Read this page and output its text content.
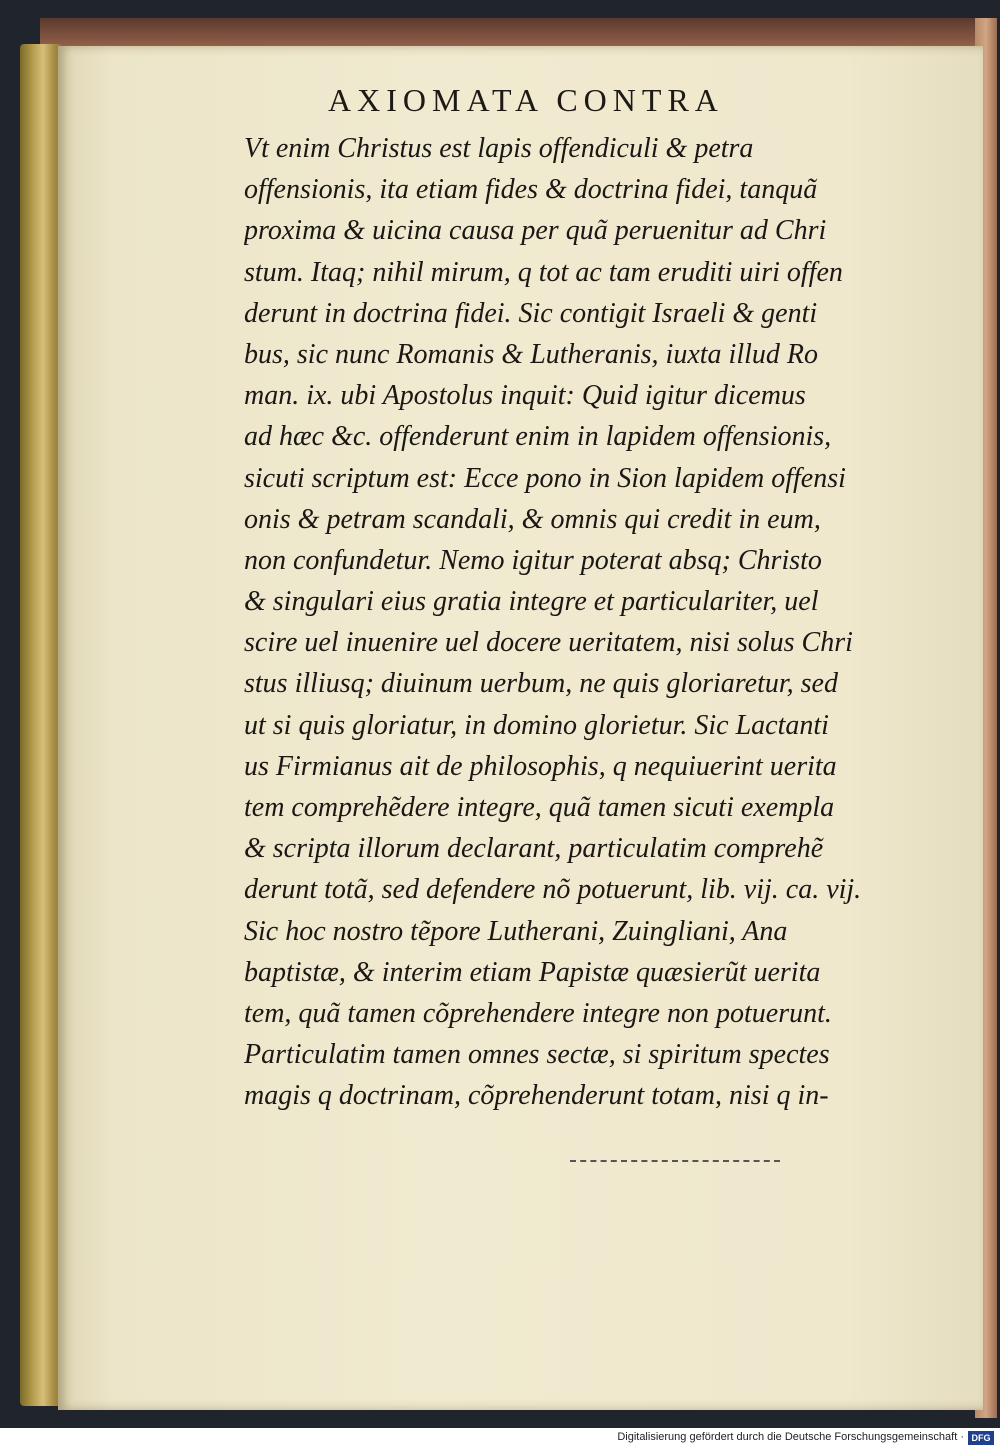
AXIOMATA CONTRA
Vt enim Christus est lapis offendiculi & petra
offensionis, ita etiam fides & doctrina fidei, tanquã
proxima & uicina causa per quã peruenitur ad Chri
stum. Itaq; nihil mirum, q tot ac tam eruditi uiri offen
derunt in doctrina fidei. Sic contigit Israeli & genti
bus, sic nunc Romanis & Lutheranis, iuxta illud Ro
man. ix. ubi Apostolus inquit: Quid igitur dicemus
ad hæc &c. offenderunt enim in lapidem offensionis,
sicuti scriptum est: Ecce pono in Sion lapidem offensi
onis & petram scandali, & omnis qui credit in eum,
non confundetur. Nemo igitur poterat absq; Christo
& singulari eius gratia integre et particulariter, uel
scire uel inuenire uel docere ueritatem, nisi solus Chri
stus illiusq; diuinum uerbum, ne quis gloriaretur, sed
ut si quis gloriatur, in domino glorietur. Sic Lactanti
us Firmianus ait de philosophis, q nequiuerint uerita
tem comprehẽdere integre, quã tamen sicuti exempla
& scripta illorum declarant, particulatim comprehẽ
derunt totã, sed defendere nõ potuerunt, lib. vij. ca. vij.
Sic hoc nostro tẽpore Lutherani, Zuingliani, Ana
baptistæ, & interim etiam Papistæ quæsierũt uerita
tem, quã tamen cõprehendere integre non potuerunt.
Particulatim tamen omnes sectæ, si spiritum spectes
magis q doctrinam, cõprehenderunt totam, nisi q in-
Digitalisierung gefördert durch die Deutsche Forschungsgemeinschaft · DFG
